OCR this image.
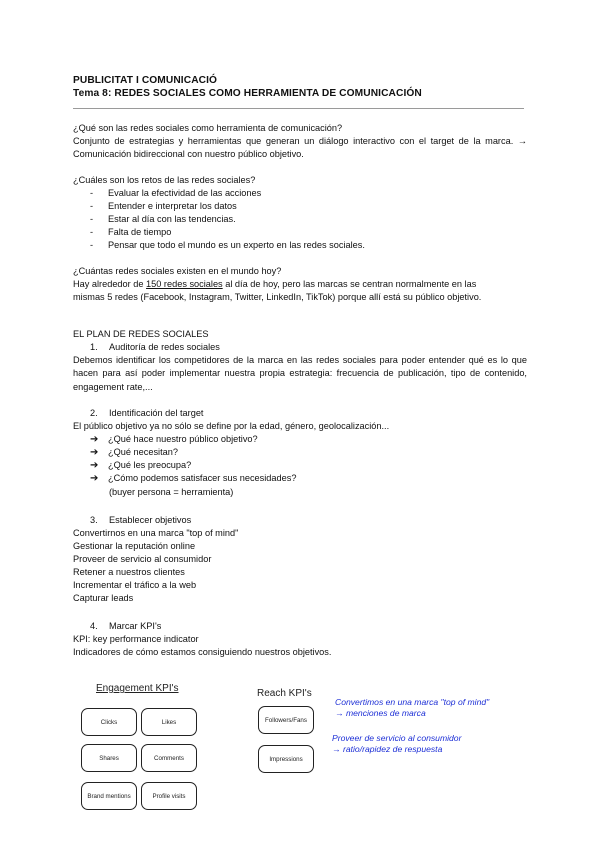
PUBLICITAT I COMUNICACIÓ
Tema 8: REDES SOCIALES COMO HERRAMIENTA DE COMUNICACIÓN
¿Qué son las redes sociales como herramienta de comunicación?
Conjunto de estrategias y herramientas que generan un diálogo interactivo con el target de la marca. → Comunicación bidireccional con nuestro público objetivo.
¿Cuáles son los retos de las redes sociales?
-	Evaluar la efectividad de las acciones
-	Entender e interpretar los datos
-	Estar al día con las tendencias.
-	Falta de tiempo
-	Pensar que todo el mundo es un experto en las redes sociales.
¿Cuántas redes sociales existen en el mundo hoy?
Hay alrededor de
150 redes sociales al día de hoy, pero las marcas se centran normalmente en las
mismas 5 redes (Facebook, Instagram, Twitter, LinkedIn, TikTok) porque allí está su público objetivo.
EL PLAN DE REDES SOCIALES
1. Auditoría de redes sociales
Debemos identificar los competidores de la marca en las redes sociales para poder entender qué es lo que hacen para así poder implementar nuestra propia estrategia: frecuencia de publicación, tipo de contenido, engagement rate,...
2. Identificación del target
El público objetivo ya no sólo se define por la edad, género, geolocalización...
➔ ¿Qué hace nuestro público objetivo?
➔ ¿Qué necesitan?
➔ ¿Qué les preocupa?
➔ ¿Cómo podemos satisfacer sus necesidades?
(buyer persona = herramienta)
3. Establecer objetivos
Convertirnos en una marca "top of mind"
Gestionar la reputación online
Proveer de servicio al consumidor
Retener a nuestros clientes
Incrementar el tráfico a la web
Capturar leads
4. Marcar KPI's
KPI: key performance indicator
Indicadores de cómo estamos consiguiendo nuestros objetivos.
Engagement KPI's
Clicks	Likes
Shares	Comments
Brand mentions	Profile visits
Reach KPI's
Followers/Fans
Impressions
Convertimos en una marca "top of mind"
→ menciones de marca
Proveer de servicio al consumidor
→ ratio/rapidez de respuesta
